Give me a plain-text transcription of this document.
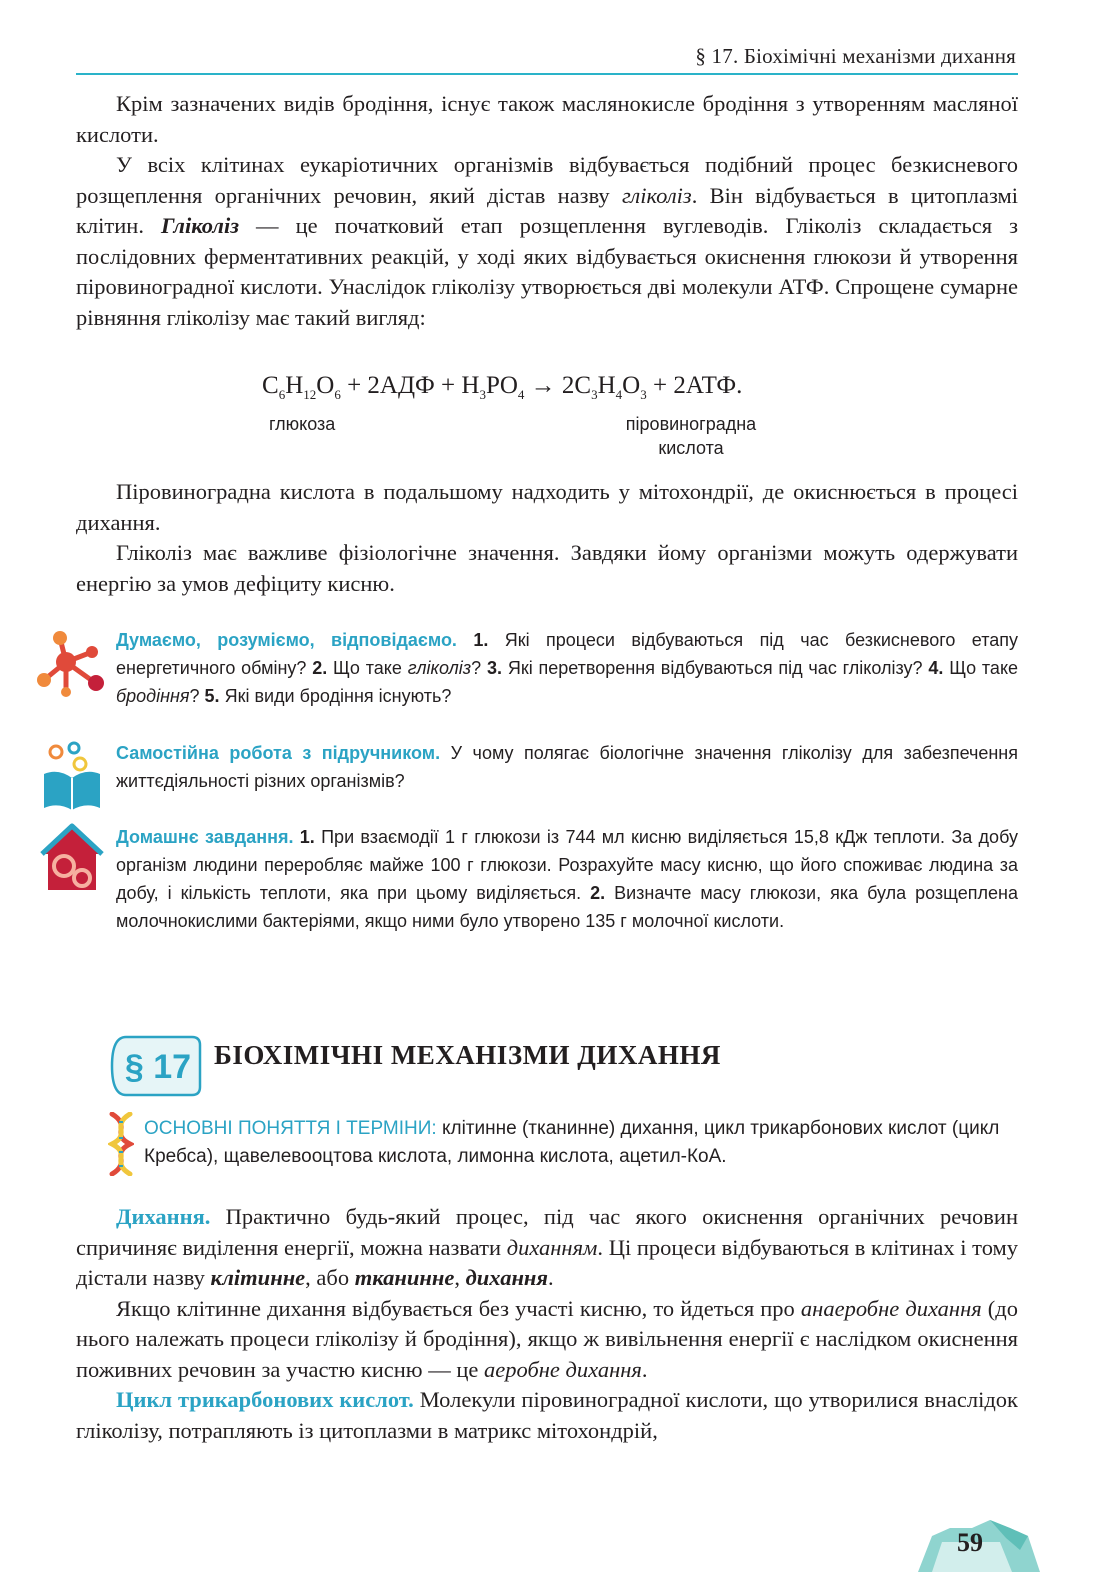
§ 17. Біохімічні механізми дихання

Крім зазначених видів бродіння, існує також маслянокисле бродіння з утворенням масляної кислоти.

У всіх клітинах еукаріотичних організмів відбувається подібний процес безкисневого розщеплення органічних речовин, який дістав назву гліколіз. Він відбувається в цитоплазмі клітин. Гліколіз — це початковий етап розщеплення вуглеводів. Гліколіз складається з послідовних ферментативних реакцій, у ході яких відбувається окиснення глюкози й утворення піровиноградної кислоти. Унаслідок гліколізу утворюється дві молекули АТФ. Спрощене сумарне рівняння гліколізу має такий вигляд:

$C_6H_{12}O_6 + 2АДФ + H_3PO_4 \to 2C_3H_4O_3 + 2АТФ$.
глюкоза	піровиноградна
кислота

Піровиноградна кислота в подальшому надходить у мітохондрії, де окиснюється в процесі дихання.

Гліколіз має важливе фізіологічне значення. Завдяки йому організми можуть одержувати енергію за умов дефіциту кисню.

Думаємо, розуміємо, відповідаємо. 1. Які процеси відбуваються під час безкисневого етапу енергетичного обміну? 2. Що таке гліколіз? 3. Які перетворення відбуваються під час гліколізу? 4. Що таке бродіння? 5. Які види бродіння існують?
Самостійна робота з підручником. У чому полягає біологічне значення гліколізу для забезпечення життєдіяльності різних організмів?
Домашнє завдання. 1. При взаємодії 1 г глюкози із 744 мл кисню виділяється 15,8 кДж теплоти. За добу організм людини переробляє майже 100 г глюкози. Розрахуйте масу кисню, що його споживає людина за добу, і кількість теплоти, яка при цьому виділяється. 2. Визначте масу глюкози, яка була розщеплена молочнокислими бактеріями, якщо ними було утворено 135 г молочної кислоти.
§ 17 БІОХІМІЧНІ МЕХАНІЗМИ ДИХАННЯ
ОСНОВНІ ПОНЯТТЯ І ТЕРМІНИ: клітинне (тканинне) дихання, цикл трикарбонових кислот (цикл Кребса), щавелевооцтова кислота, лимонна кислота, ацетил-КоА.

Дихання. Практично будь-який процес, під час якого окиснення органічних речовин спричиняє виділення енергії, можна назвати диханням. Ці процеси відбуваються в клітинах і тому дістали назву клітинне, або тканинне, дихання.

Якщо клітинне дихання відбувається без участі кисню, то йдеться про анаеробне дихання (до нього належать процеси гліколізу й бродіння), якщо ж вивільнення енергії є наслідком окиснення поживних речовин за участю кисню — це аеробне дихання.

Цикл трикарбонових кислот. Молекули піровиноградної кислоти, що утворилися внаслідок гліколізу, потрапляють із цитоплазми в матрикс мітохондрій,

59
